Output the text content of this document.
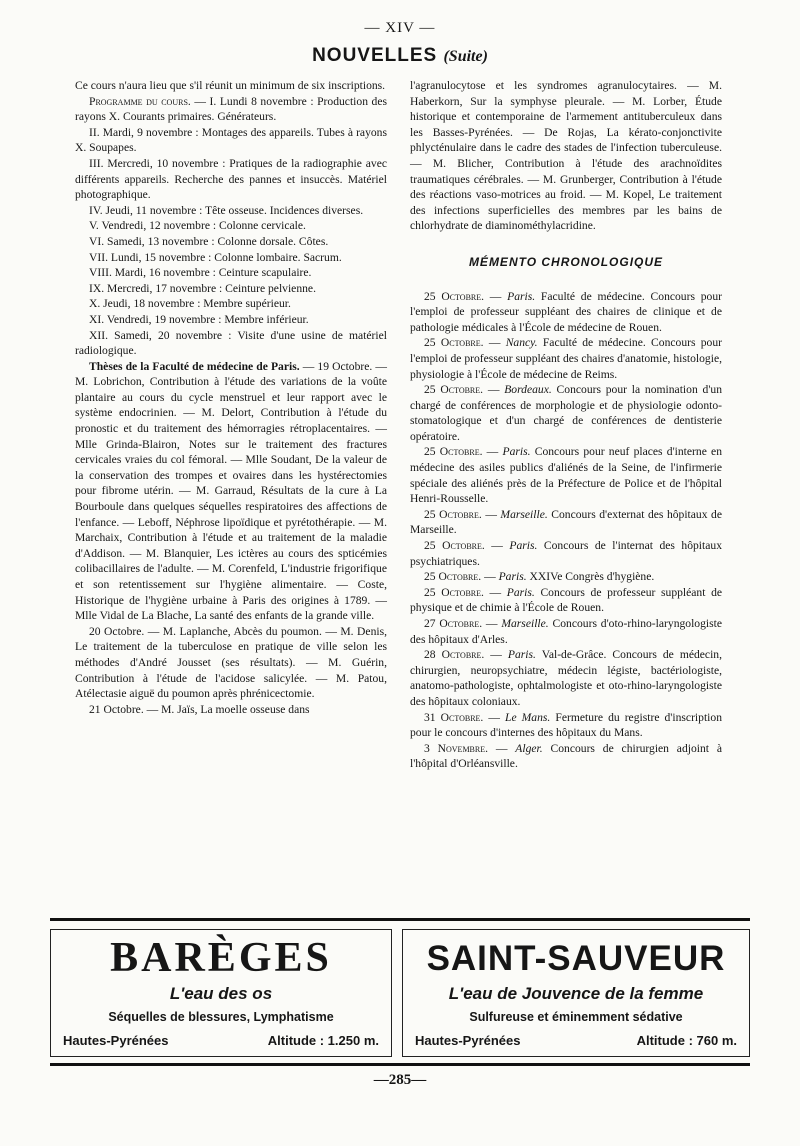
— XIV —
NOUVELLES (Suite)

Ce cours n'aura lieu que s'il réunit un minimum de six inscriptions.

Programme du cours. — I. Lundi 8 novembre : Production des rayons X. Courants primaires. Générateurs.

II. Mardi, 9 novembre : Montages des appareils. Tubes à rayons X. Soupapes.

III. Mercredi, 10 novembre : Pratiques de la radiographie avec différents appareils. Recherche des pannes et insuccès. Matériel photographique.

IV. Jeudi, 11 novembre : Tête osseuse. Incidences diverses.

V. Vendredi, 12 novembre : Colonne cervicale.

VI. Samedi, 13 novembre : Colonne dorsale. Côtes.

VII. Lundi, 15 novembre : Colonne lombaire. Sacrum.

VIII. Mardi, 16 novembre : Ceinture scapulaire.

IX. Mercredi, 17 novembre : Ceinture pelvienne.

X. Jeudi, 18 novembre : Membre supérieur.

XI. Vendredi, 19 novembre : Membre inférieur.

XII. Samedi, 20 novembre : Visite d'une usine de matériel radiologique.

Thèses de la Faculté de médecine de Paris. — 19 Octobre. — M. Lobrichon, Contribution à l'étude des variations de la voûte plantaire au cours du cycle menstruel et leur rapport avec le système endocrinien. — M. Delort, Contribution à l'étude du pronostic et du traitement des hémorragies rétroplacentaires. — Mlle Grinda-Blairon, Notes sur le traitement des fractures cervicales vraies du col fémoral. — Mlle Soudant, De la valeur de la conservation des trompes et ovaires dans les hystérectomies pour fibrome utérin. — M. Garraud, Résultats de la cure à La Bourboule dans quelques séquelles respiratoires des affections de l'enfance. — Leboff, Néphrose lipoïdique et pyrétothérapie. — M. Marchaix, Contribution à l'étude et au traitement de la maladie d'Addison. — M. Blanquier, Les ictères au cours des spticémies colibacillaires de l'adulte. — M. Corenfeld, L'industrie frigorifique et son retentissement sur l'hygiène alimentaire. — Coste, Historique de l'hygiène urbaine à Paris des origines à 1789. — Mlle Vidal de La Blache, La santé des enfants de la grande ville.

20 Octobre. — M. Laplanche, Abcès du poumon. — M. Denis, Le traitement de la tuberculose en pratique de ville selon les méthodes d'André Jousset (ses résultats). — M. Guérin, Contribution à l'étude de l'acidose salicylée. — M. Patou, Atélectasie aiguë du poumon après phrénicectomie.

21 Octobre. — M. Jaïs, La moelle osseuse dans

l'agranulocytose et les syndromes agranulocytaires. — M. Haberkorn, Sur la symphyse pleurale. — M. Lorber, Étude historique et contemporaine de l'armement antituberculeux dans les Basses-Pyrénées. — De Rojas, La kérato-conjonctivite phlycténulaire dans le cadre des stades de l'infection tuberculeuse. — M. Blicher, Contribution à l'étude des arachnoïdites traumatiques cérébrales. — M. Grunberger, Contribution à l'étude des réactions vaso-motrices au froid. — M. Kopel, Le traitement des infections superficielles des membres par les bains de chlorhydrate de diaminométhylacridine.

MÉMENTO CHRONOLOGIQUE

25 Octobre. — Paris. Faculté de médecine. Concours pour l'emploi de professeur suppléant des chaires de clinique et de pathologie médicales à l'École de médecine de Rouen.

25 Octobre. — Nancy. Faculté de médecine. Concours pour l'emploi de professeur suppléant des chaires d'anatomie, histologie, physiologie à l'École de médecine de Reims.

25 Octobre. — Bordeaux. Concours pour la nomination d'un chargé de conférences de morphologie et de physiologie odonto-stomatologique et d'un chargé de conférences de dentisterie opératoire.

25 Octobre. — Paris. Concours pour neuf places d'interne en médecine des asiles publics d'aliénés de la Seine, de l'infirmerie spéciale des aliénés près de la Préfecture de Police et de l'hôpital Henri-Rousselle.

25 Octobre. — Marseille. Concours d'externat des hôpitaux de Marseille.

25 Octobre. — Paris. Concours de l'internat des hôpitaux psychiatriques.

25 Octobre. — Paris. XXIVe Congrès d'hygiène.

25 Octobre. — Paris. Concours de professeur suppléant de physique et de chimie à l'École de Rouen.

27 Octobre. — Marseille. Concours d'oto-rhino-laryngologiste des hôpitaux d'Arles.

28 Octobre. — Paris. Val-de-Grâce. Concours de médecin, chirurgien, neuropsychiatre, médecin légiste, bactériologiste, anatomo-pathologiste, ophtalmologiste et oto-rhino-laryngologiste des hôpitaux coloniaux.

31 Octobre. — Le Mans. Fermeture du registre d'inscription pour le concours d'internes des hôpitaux du Mans.

3 Novembre. — Alger. Concours de chirurgien adjoint à l'hôpital d'Orléansville.

BARÈGES
L'eau des os
Séquelles de blessures, Lymphatisme
Hautes-Pyrénées	Altitude : 1.250 m.
SAINT-SAUVEUR
L'eau de Jouvence de la femme
Sulfureuse et éminemment sédative
Hautes-Pyrénées	Altitude : 760 m.
—285—
